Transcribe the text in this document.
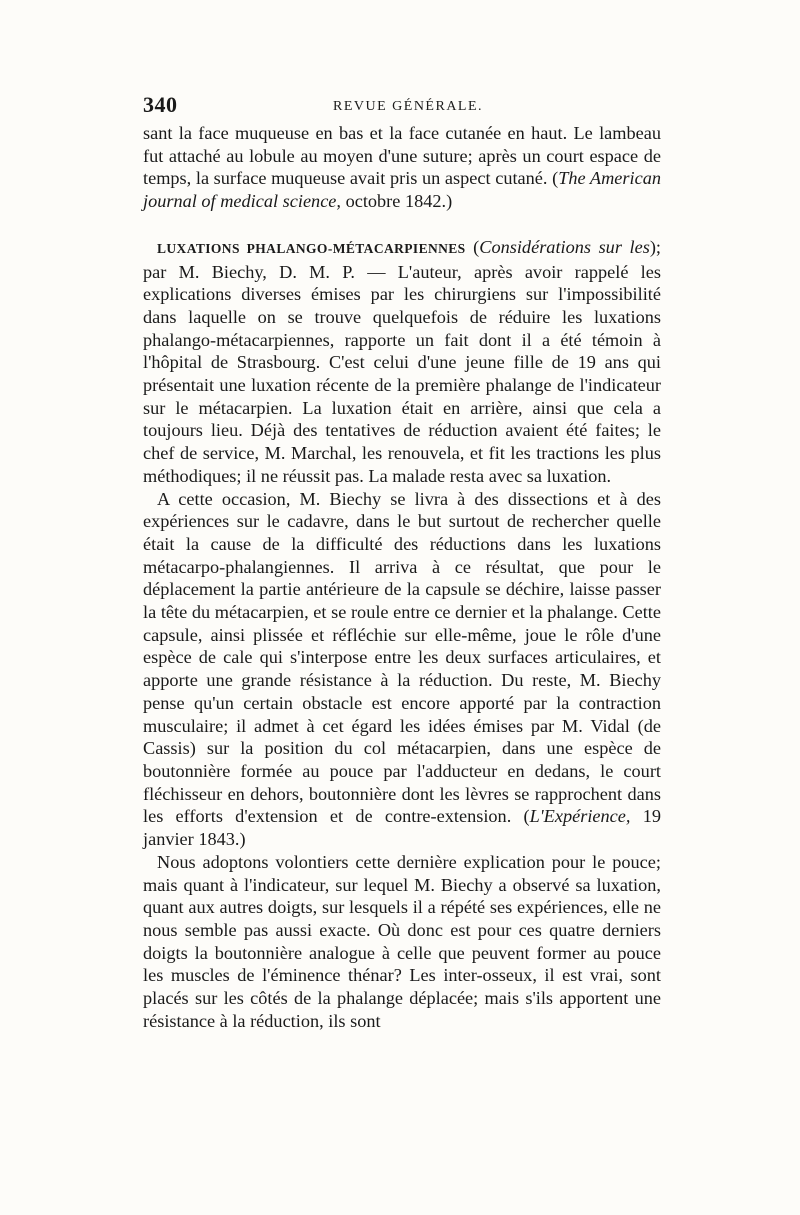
340	REVUE GÉNÉRALE.

sant la face muqueuse en bas et la face cutanée en haut. Le lambeau fut attaché au lobule au moyen d'une suture; après un court espace de temps, la surface muqueuse avait pris un aspect cutané. (The American journal of medical science, octobre 1842.)

LUXATIONS PHALANGO-MÉTACARPIENNES (Considérations sur les); par M. Biechy, D. M. P. — L'auteur, après avoir rappelé les explications diverses émises par les chirurgiens sur l'impossibilité dans laquelle on se trouve quelquefois de réduire les luxations phalango-métacarpiennes, rapporte un fait dont il a été témoin à l'hôpital de Strasbourg. C'est celui d'une jeune fille de 19 ans qui présentait une luxation récente de la première phalange de l'indicateur sur le métacarpien. La luxation était en arrière, ainsi que cela a toujours lieu. Déjà des tentatives de réduction avaient été faites; le chef de service, M. Marchal, les renouvela, et fit les tractions les plus méthodiques; il ne réussit pas. La malade resta avec sa luxation.

A cette occasion, M. Biechy se livra à des dissections et à des expériences sur le cadavre, dans le but surtout de rechercher quelle était la cause de la difficulté des réductions dans les luxations métacarpo-phalangiennes. Il arriva à ce résultat, que pour le déplacement la partie antérieure de la capsule se déchire, laisse passer la tête du métacarpien, et se roule entre ce dernier et la phalange. Cette capsule, ainsi plissée et réfléchie sur elle-même, joue le rôle d'une espèce de cale qui s'interpose entre les deux surfaces articulaires, et apporte une grande résistance à la réduction. Du reste, M. Biechy pense qu'un certain obstacle est encore apporté par la contraction musculaire; il admet à cet égard les idées émises par M. Vidal (de Cassis) sur la position du col métacarpien, dans une espèce de boutonnière formée au pouce par l'adducteur en dedans, le court fléchisseur en dehors, boutonnière dont les lèvres se rapprochent dans les efforts d'extension et de contre-extension. (L'Expérience, 19 janvier 1843.)

Nous adoptons volontiers cette dernière explication pour le pouce; mais quant à l'indicateur, sur lequel M. Biechy a observé sa luxation, quant aux autres doigts, sur lesquels il a répété ses expériences, elle ne nous semble pas aussi exacte. Où donc est pour ces quatre derniers doigts la boutonnière analogue à celle que peuvent former au pouce les muscles de l'éminence thénar? Les inter-osseux, il est vrai, sont placés sur les côtés de la phalange déplacée; mais s'ils apportent une résistance à la réduction, ils sont
